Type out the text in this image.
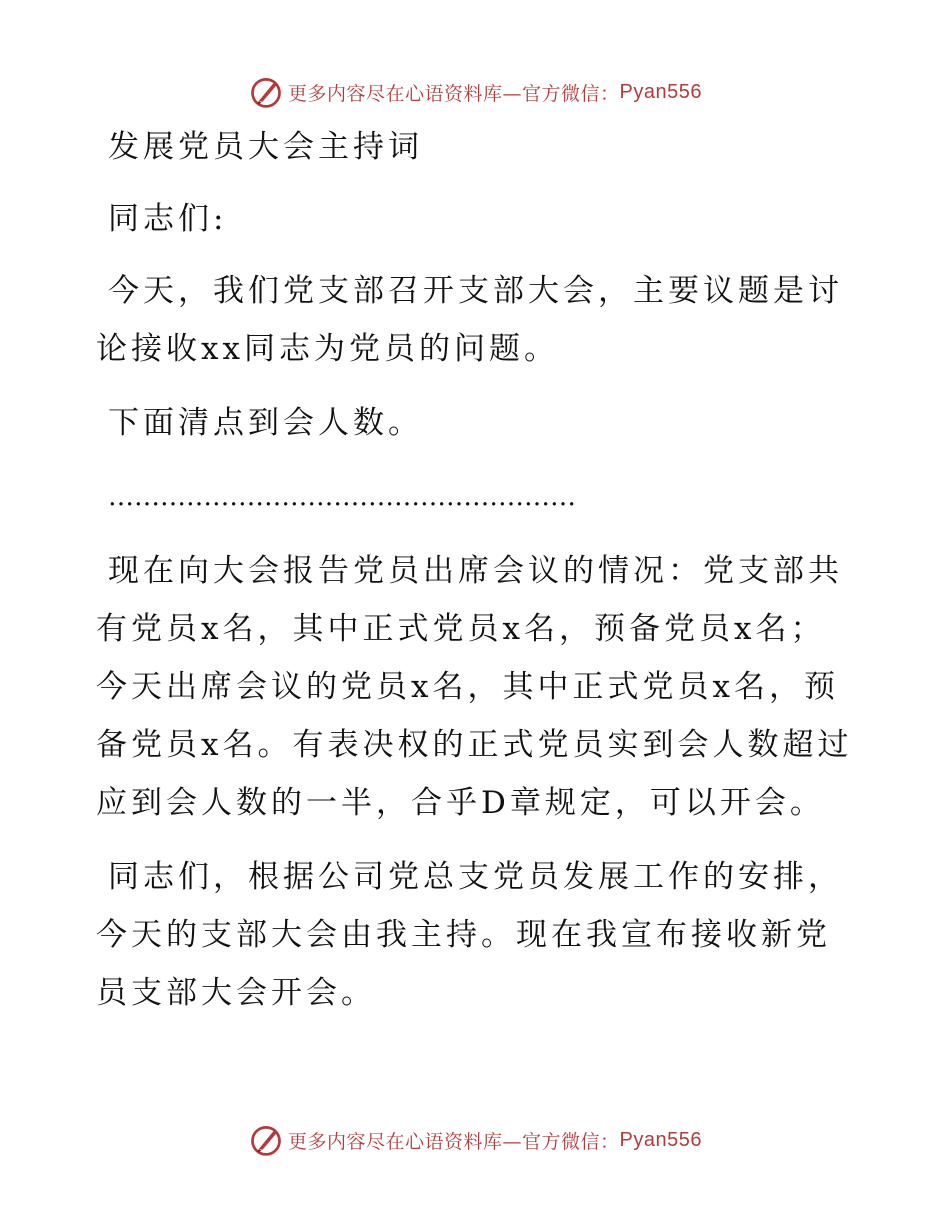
更多内容尽在心语资料库—官方微信： Pyan556

发展党员大会主持词

同志们:

今天，我们党支部召开支部大会，主要议题是讨论接收xx同志为党员的问题。

下面清点到会人数。

………………………………………………

现在向大会报告党员出席会议的情况：党支部共有党员x名，其中正式党员x名，预备党员x名；今天出席会议的党员x名，其中正式党员x名，预备党员x名。有表决权的正式党员实到会人数超过应到会人数的一半，合乎D章规定，可以开会。

同志们，根据公司党总支党员发展工作的安排，今天的支部大会由我主持。现在我宣布接收新党员支部大会开会。

更多内容尽在心语资料库—官方微信： Pyan556
